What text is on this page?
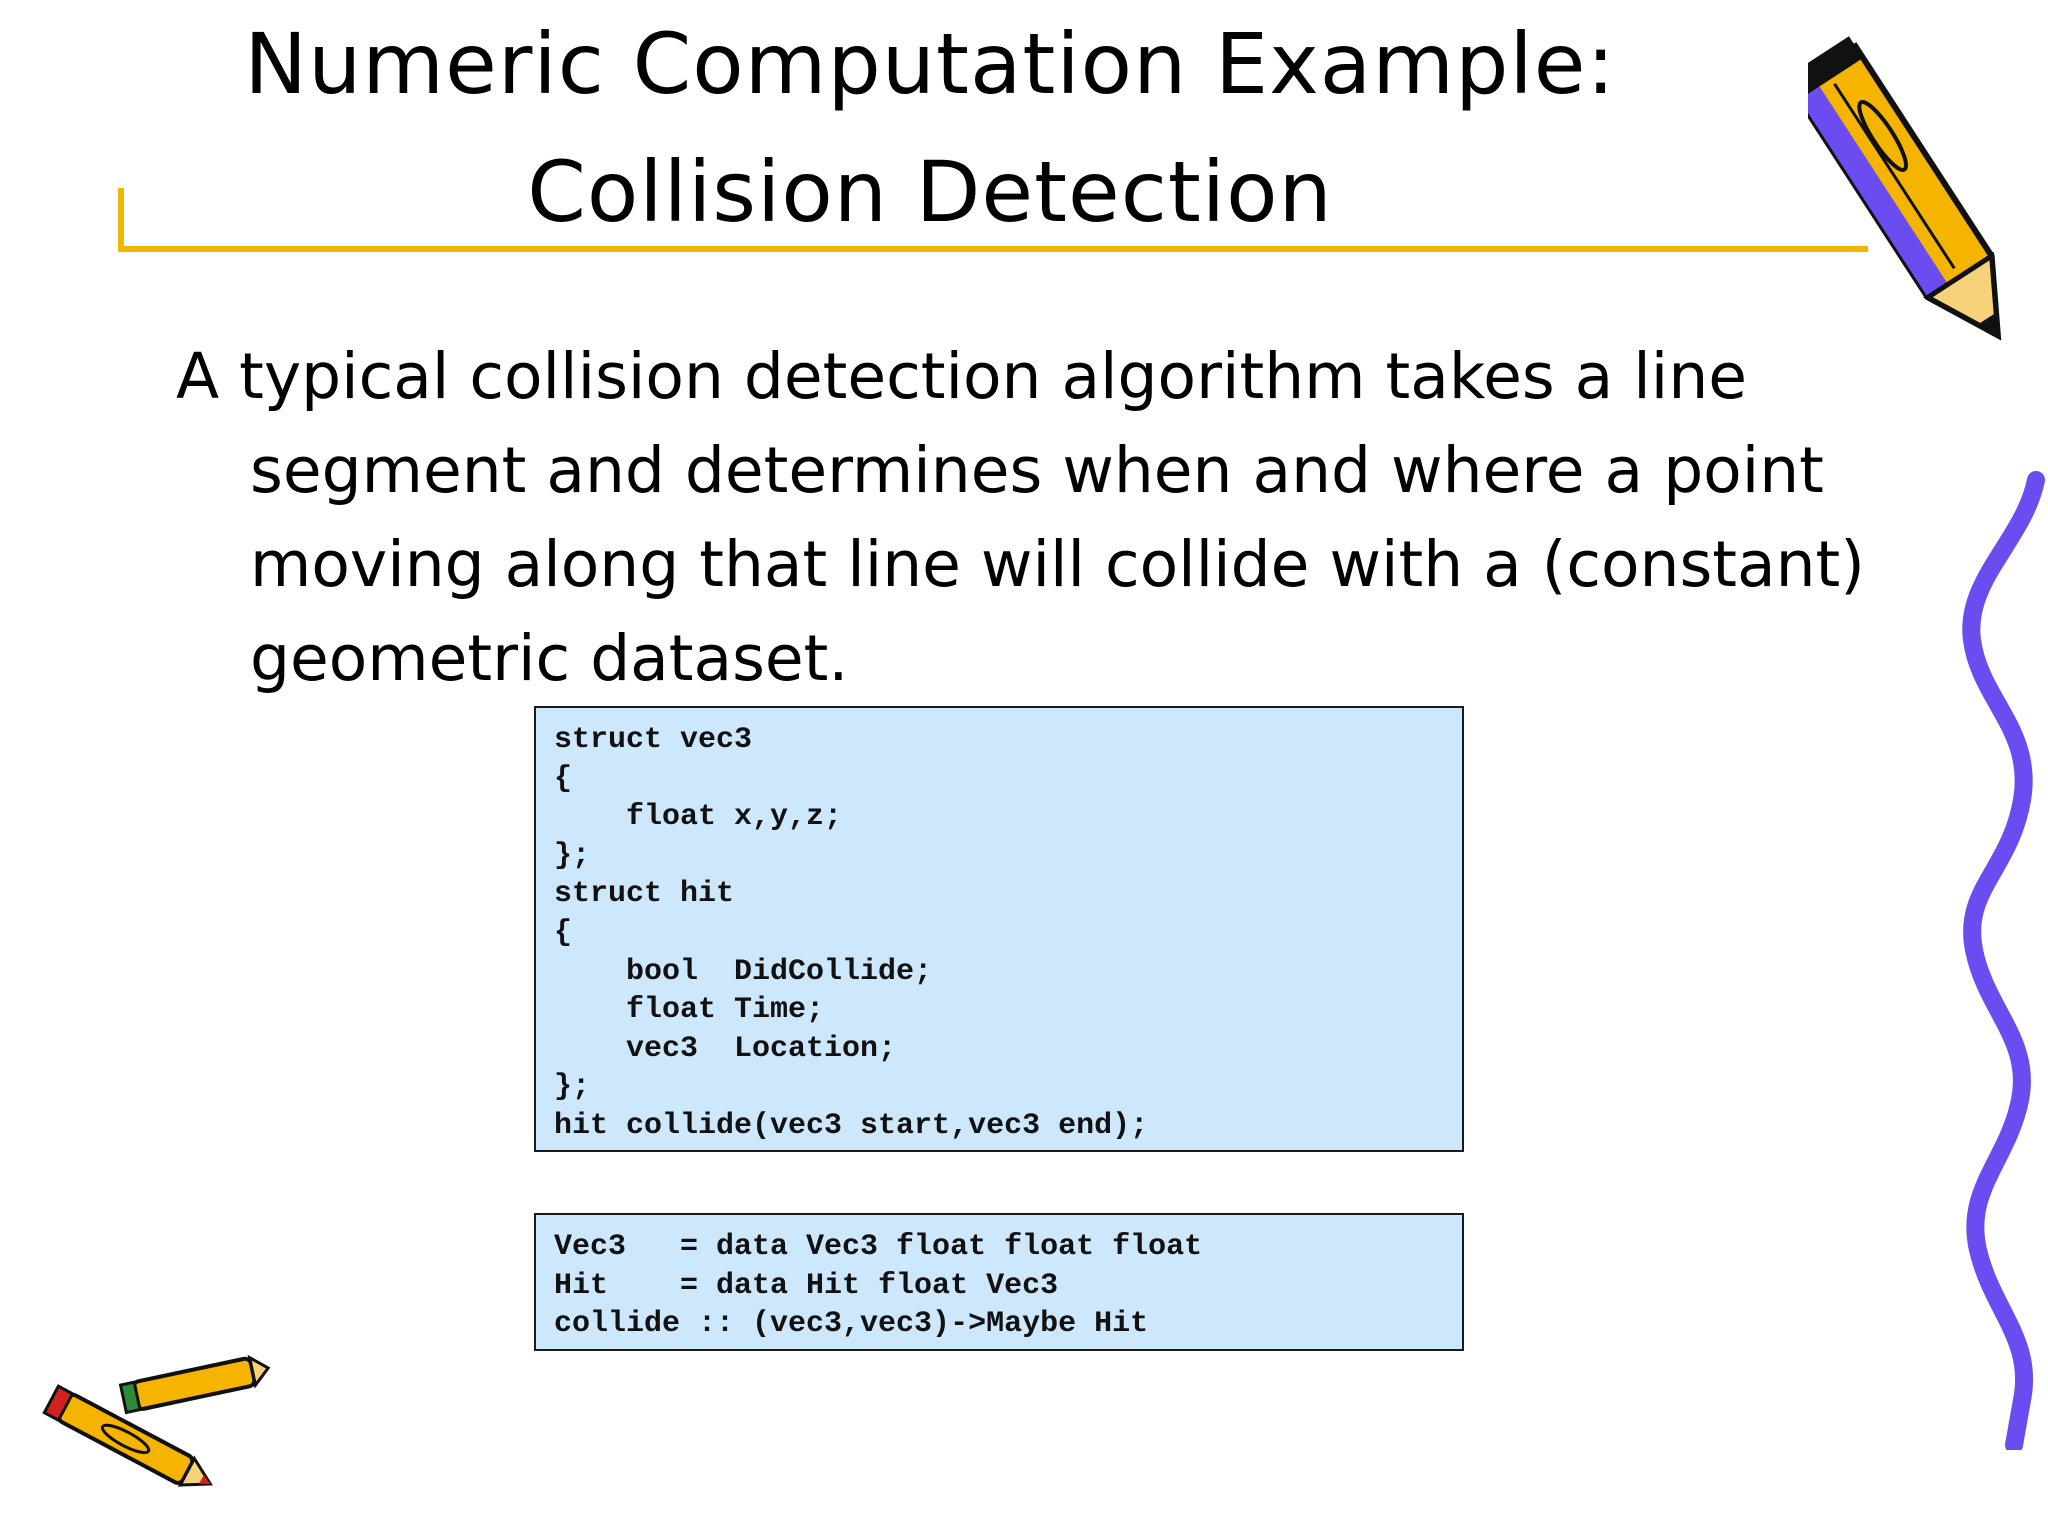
Numeric Computation Example:
Collision Detection
A typical collision detection algorithm takes a line segment and determines when and where a point moving along that line will collide with a (constant) geometric dataset.
struct vec3
{
float x,y,z;
};
struct hit
{
bool  DidCollide;
float Time;
vec3  Location;
};
hit collide(vec3 start,vec3 end);
Vec3   = data Vec3 float float float
Hit    = data Hit float Vec3
collide :: (vec3,vec3)->Maybe Hit
